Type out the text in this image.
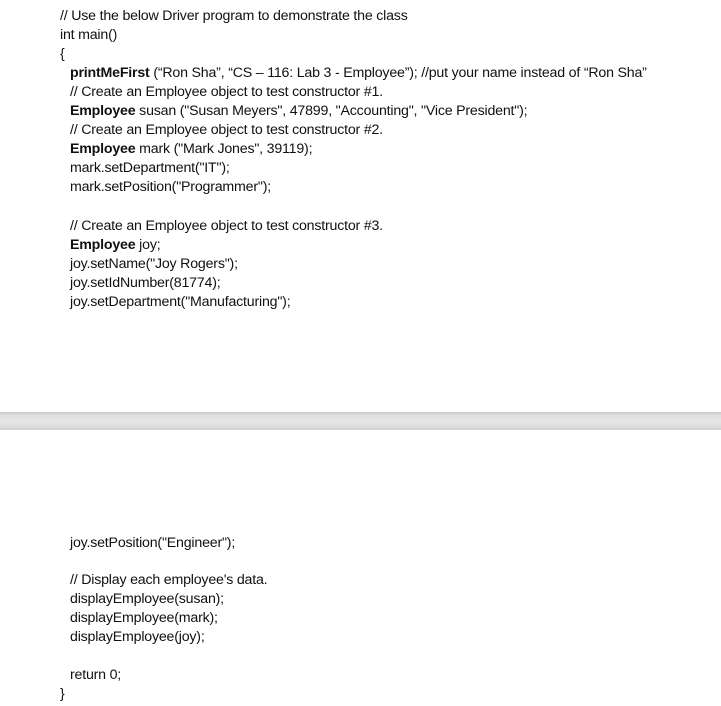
// Use the below Driver program to demonstrate the class
int main()
{
printMeFirst (“Ron Sha”, “CS – 116: Lab 3 - Employee”); //put your name instead of “Ron Sha”
// Create an Employee object to test constructor #1.
Employee susan ("Susan Meyers", 47899, "Accounting", "Vice President");
// Create an Employee object to test constructor #2.
Employee mark ("Mark Jones", 39119);
mark.setDepartment("IT");
mark.setPosition("Programmer");
// Create an Employee object to test constructor #3.
Employee joy;
joy.setName("Joy Rogers");
joy.setIdNumber(81774);
joy.setDepartment("Manufacturing");
joy.setPosition("Engineer");
// Display each employee's data.
displayEmployee(susan);
displayEmployee(mark);
displayEmployee(joy);
return 0;
}
